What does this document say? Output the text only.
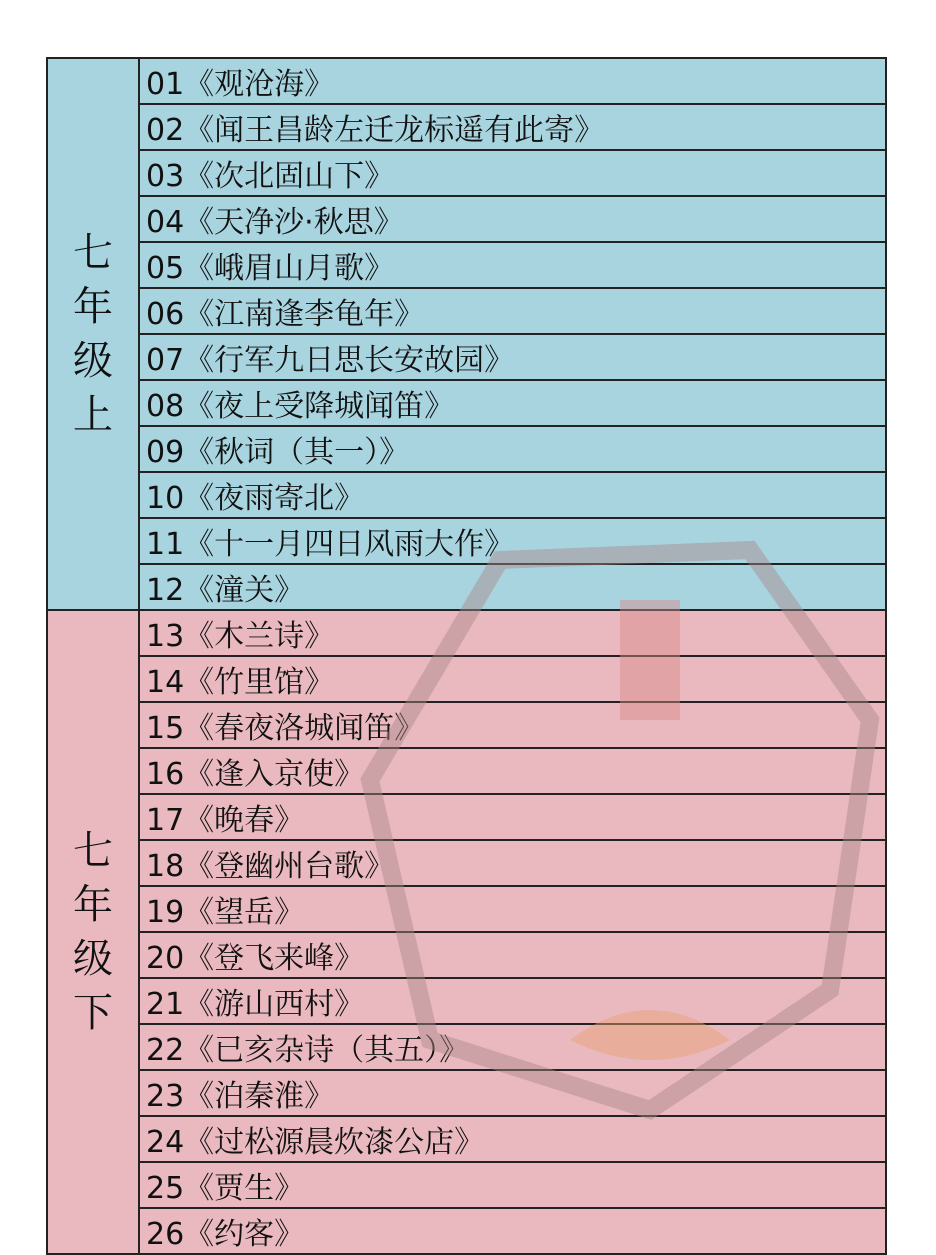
七
年
级
上	01《观沧海》
	02《闻王昌龄左迁龙标遥有此寄》
	03《次北固山下》
	04《天净沙·秋思》
	05《峨眉山月歌》
	06《江南逢李龟年》
	07《行军九日思长安故园》
	08《夜上受降城闻笛》
	09《秋词（其一）》
	10《夜雨寄北》
	11《十一月四日风雨大作》
	12《潼关》

七
年
级
下	13《木兰诗》
	14《竹里馆》
	15《春夜洛城闻笛》
	16《逢入京使》
	17《晚春》
	18《登幽州台歌》
	19《望岳》
	20《登飞来峰》
	21《游山西村》
	22《已亥杂诗（其五）》
	23《泊秦淮》
	24《过松源晨炊漆公店》
	25《贾生》
	26《约客》
